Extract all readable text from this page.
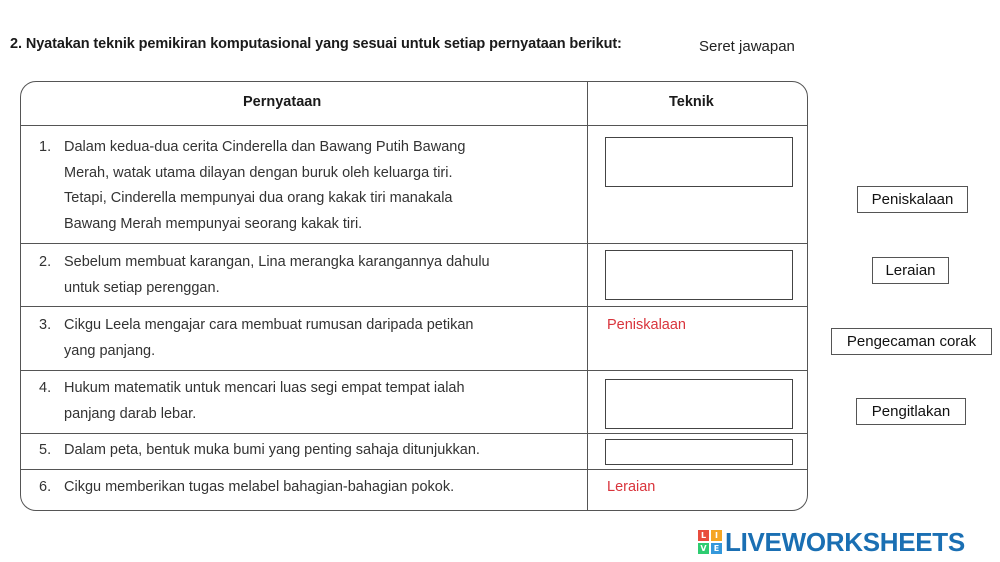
2. Nyatakan teknik pemikiran komputasional yang sesuai untuk setiap pernyataan berikut:	Seret jawapan
Pernyataan	Teknik
1. Dalam kedua-dua cerita Cinderella dan Bawang Putih Bawang
Merah, watak utama dilayan dengan buruk oleh keluarga tiri.
Tetapi, Cinderella mempunyai dua orang kakak tiri manakala
Bawang Merah mempunyai seorang kakak tiri.
2. Sebelum membuat karangan, Lina merangka karangannya dahulu
untuk setiap perenggan.
3. Cikgu Leela mengajar cara membuat rumusan daripada petikan
yang panjang.
Peniskalaan
4. Hukum matematik untuk mencari luas segi empat tempat ialah
panjang darab lebar.
5. Dalam peta, bentuk muka bumi yang penting sahaja ditunjukkan.
6. Cikgu memberikan tugas melabel bahagian-bahagian pokok.	Leraian
Peniskalaan
Leraian
Pengecaman corak
Pengitlakan
L	I
V E LIVEWORKSHEETS
